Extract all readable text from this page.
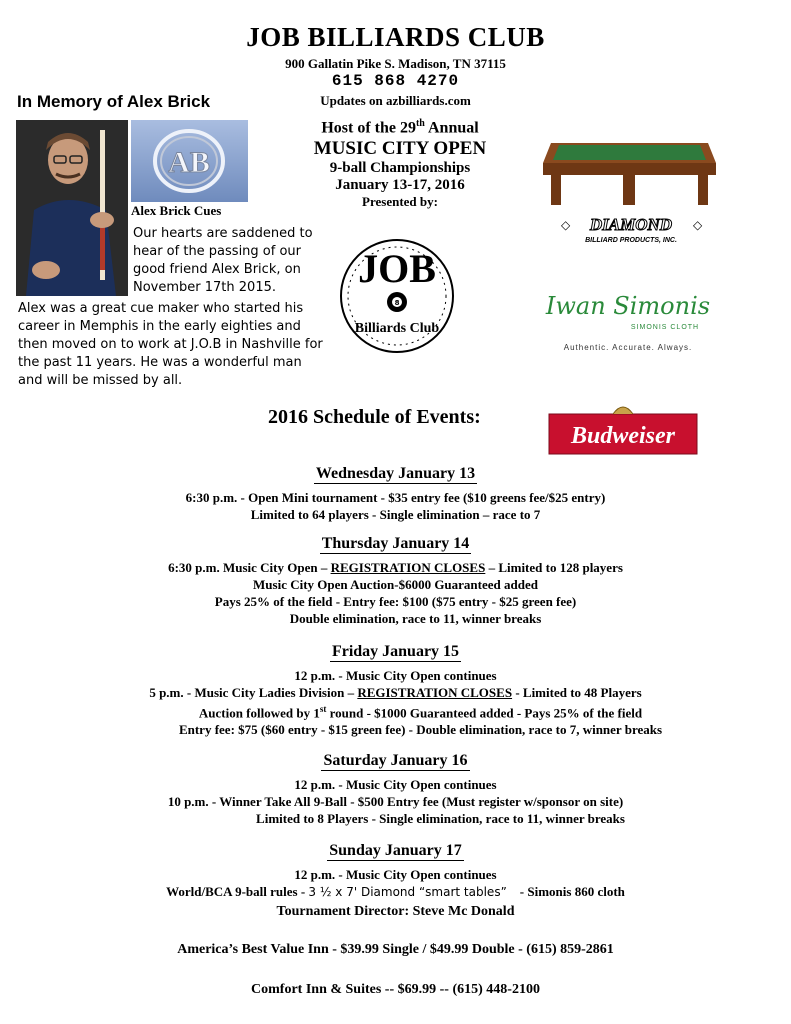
JOB BILLIARDS CLUB
900 Gallatin Pike S. Madison, TN 37115
615 868 4270
Updates on azbilliards.com
In Memory of Alex Brick
AB
Alex Brick Cues
Our hearts are saddened to hear of the passing of our good friend Alex Brick, on November 17th 2015.
Alex was a great cue maker who started his career in Memphis in the early eighties and then moved on to work at J.O.B in Nashville for the past 11 years. He was a wonderful man and will be missed by all.
Host of the 29th Annual
MUSIC CITY OPEN
9-ball Championships
January 13-17, 2016
Presented by:
JOB
8
Billiards Club
◇	◇
DIAMOND
BILLIARD PRODUCTS, INC.
Iwan Simonis
SIMONIS CLOTH
Authentic. Accurate. Always.
Budweiser
2016 Schedule of Events:
Wednesday January 13
6:30 p.m. - Open Mini tournament - $35 entry fee ($10 greens fee/$25 entry)
Limited to 64 players - Single elimination – race to 7
Thursday January 14
6:30 p.m. Music City Open – REGISTRATION CLOSES – Limited to 128 players
Music City Open Auction-$6000 Guaranteed added
Pays 25% of the field - Entry fee: $100 ($75 entry - $25 green fee)
Double elimination, race to 11, winner breaks
Friday January 15
12 p.m. - Music City Open continues
5 p.m. - Music City Ladies Division – REGISTRATION CLOSES - Limited to 48 Players
Auction followed by 1st round - $1000 Guaranteed added - Pays 25% of the field
Entry fee: $75 ($60 entry - $15 green fee) - Double elimination, race to 7, winner breaks
Saturday January 16
12 p.m. - Music City Open continues
10 p.m. - Winner Take All 9-Ball - $500 Entry fee (Must register w/sponsor on site)
Limited to 8 Players - Single elimination, race to 11, winner breaks
Sunday January 17
12 p.m. - Music City Open continues
World/BCA 9-ball rules - 3 ½ x 7' Diamond “smart tables”    - Simonis 860 cloth
Tournament Director: Steve Mc Donald
America’s Best Value Inn - $39.99 Single / $49.99 Double - (615) 859-2861
Comfort Inn & Suites -- $69.99 -- (615) 448-2100
